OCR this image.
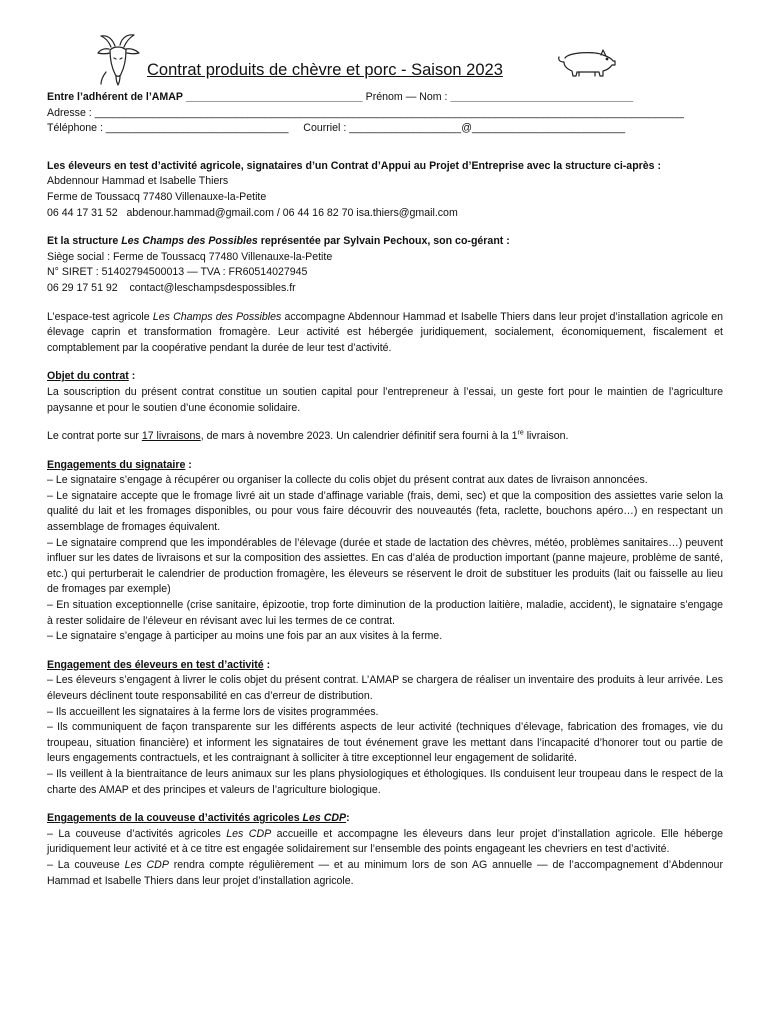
Contrat produits de chèvre et porc - Saison 2023
Entre l’adhérent de l’AMAP ______________________________ Prénom — Nom : _______________________________
Adresse : ____________________________________________________________________________________________________
Téléphone : _______________________________ Courriel : ___________________@__________________________

Les éleveurs en test d’activité agricole, signataires d’un Contrat d’Appui au Projet d’Entreprise avec la structure ci-après :

Abdennour Hammad et Isabelle Thiers

Ferme de Toussacq 77480 Villenauxe-la-Petite

06 44 17 31 52   abdenour.hammad@gmail.com / 06 44 16 82 70 isa.thiers@gmail.com

Et la structure Les Champs des Possibles représentée par Sylvain Pechoux, son co-gérant :

Siège social : Ferme de Toussacq 77480 Villenauxe-la-Petite

N° SIRET : 51402794500013 — TVA : FR60514027945

06 29 17 51 92    contact@leschampsdespossibles.fr

L’espace-test agricole Les Champs des Possibles accompagne Abdennour Hammad et Isabelle Thiers dans leur projet d’installation agricole en élevage caprin et transformation fromagère. Leur activité est hébergée juridiquement, socialement, économiquement, fiscalement et comptablement par la coopérative pendant la durée de leur test d’activité.

Objet du contrat :

La souscription du présent contrat constitue un soutien capital pour l’entrepreneur à l’essai, un geste fort pour le maintien de l’agriculture paysanne et pour le soutien d’une économie solidaire.

Le contrat porte sur 17 livraisons, de mars à novembre 2023. Un calendrier définitif sera fourni à la 1re livraison.

Engagements du signataire :

– Le signataire s’engage à récupérer ou organiser la collecte du colis objet du présent contrat aux dates de livraison annoncées.

– Le signataire accepte que le fromage livré ait un stade d’affinage variable (frais, demi, sec) et que la composition des assiettes varie selon la qualité du lait et les fromages disponibles, ou pour vous faire découvrir des nouveautés (feta, raclette, bouchons apéro…) en respectant un assemblage de fromages équivalent.

– Le signataire comprend que les impondérables de l’élevage (durée et stade de lactation des chèvres, météo, problèmes sanitaires…) peuvent influer sur les dates de livraisons et sur la composition des assiettes. En cas d’aléa de production important (panne majeure, problème de santé, etc.) qui perturberait le calendrier de production fromagère, les éleveurs se réservent le droit de substituer les produits (lait ou faisselle au lieu de fromages par exemple)

– En situation exceptionnelle (crise sanitaire, épizootie, trop forte diminution de la production laitière, maladie, accident), le signataire s’engage à rester solidaire de l’éleveur en révisant avec lui les termes de ce contrat.

– Le signataire s’engage à participer au moins une fois par an aux visites à la ferme.

Engagement des éleveurs en test d’activité :

– Les éleveurs s’engagent à livrer le colis objet du présent contrat. L’AMAP se chargera de réaliser un inventaire des produits à leur arrivée. Les éleveurs déclinent toute responsabilité en cas d’erreur de distribution.

– Ils accueillent les signataires à la ferme lors de visites programmées.

– Ils communiquent de façon transparente sur les différents aspects de leur activité (techniques d’élevage, fabrication des fromages, vie du troupeau, situation financière) et informent les signataires de tout événement grave les mettant dans l’incapacité d’honorer tout ou partie de leurs engagements contractuels, et les contraignant à solliciter à titre exceptionnel leur engagement de solidarité.

– Ils veillent à la bientraitance de leurs animaux sur les plans physiologiques et éthologiques. Ils conduisent leur troupeau dans le respect de la charte des AMAP et des principes et valeurs de l’agriculture biologique.

Engagements de la couveuse d’activités agricoles Les CDP:

– La couveuse d’activités agricoles Les CDP accueille et accompagne les éleveurs dans leur projet d’installation agricole. Elle héberge juridiquement leur activité et à ce titre est engagée solidairement sur l’ensemble des points engageant les chevriers en test d’activité.

– La couveuse Les CDP rendra compte régulièrement — et au minimum lors de son AG annuelle — de l’accompagnement d’Abdennour Hammad et Isabelle Thiers dans leur projet d’installation agricole.
